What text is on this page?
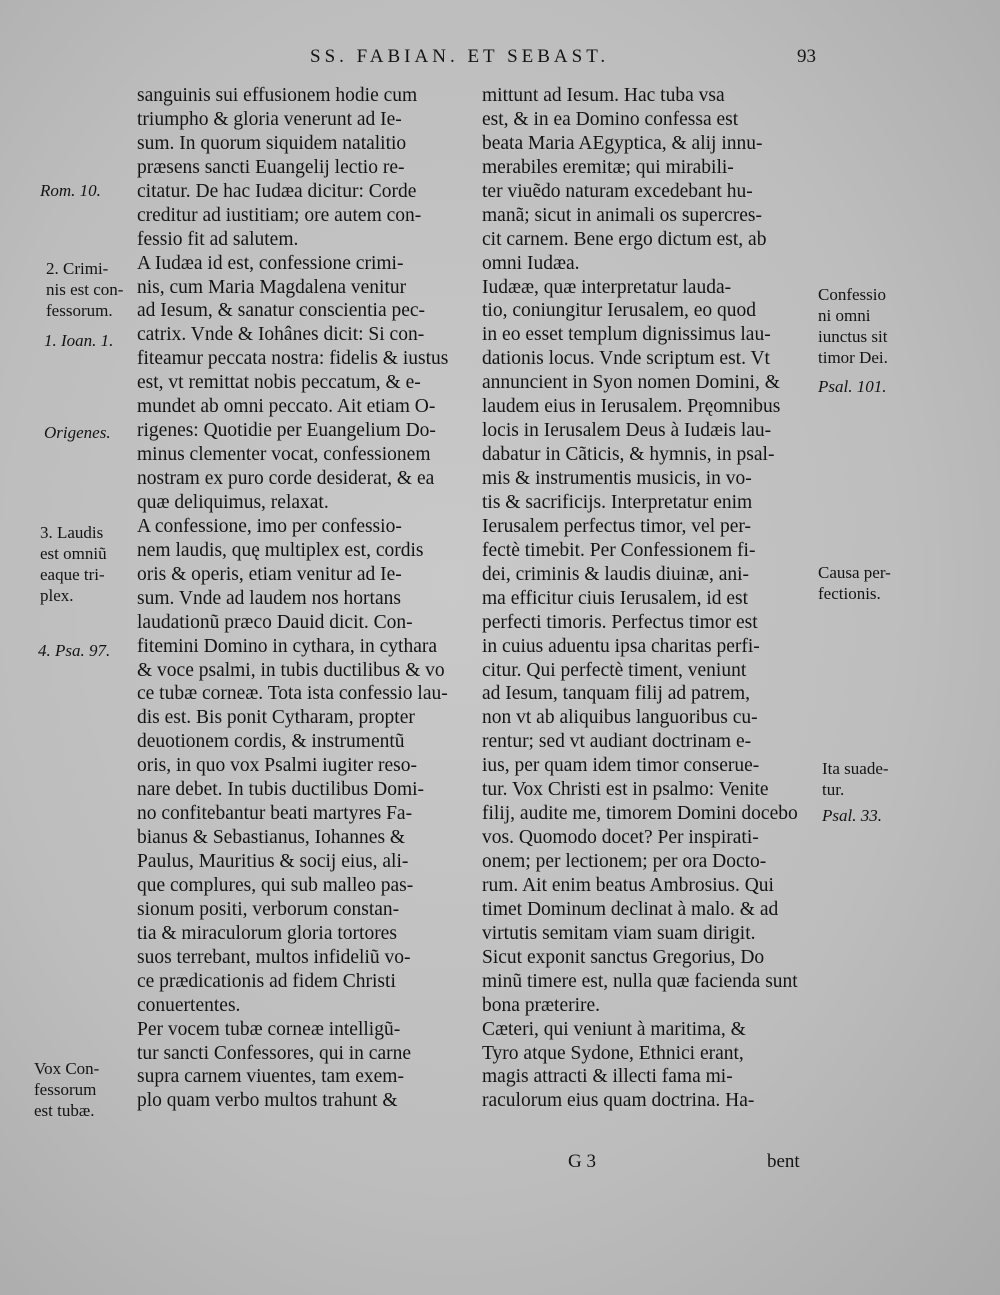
SS. FABIAN. ET SEBAST.	93
sanguinis sui effusionem hodie cum
triumpho & gloria venerunt ad Ie-
sum. In quorum siquidem natalitio
præsens sancti Euangelij lectio re-
citatur. De hac Iudæa dicitur: Corde
creditur ad iustitiam; ore autem con-
fessio fit ad salutem.
A Iudæa id est, confessione crimi-
nis, cum Maria Magdalena venitur
ad Iesum, & sanatur conscientia pec-
catrix. Vnde & Iohânes dicit: Si con-
fiteamur peccata nostra: fidelis & iustus
est, vt remittat nobis peccatum, & e-
mundet ab omni peccato. Ait etiam O-
rigenes: Quotidie per Euangelium Do-
minus clementer vocat, confessionem
nostram ex puro corde desiderat, & ea
quæ deliquimus, relaxat.
A confessione, imo per confessio-
nem laudis, quę multiplex est, cordis
oris & operis, etiam venitur ad Ie-
sum. Vnde ad laudem nos hortans
laudationũ præco Dauid dicit. Con-
fitemini Domino in cythara, in cythara
& voce psalmi, in tubis ductilibus & vo
ce tubæ corneæ. Tota ista confessio lau-
dis est. Bis ponit Cytharam, propter
deuotionem cordis, & instrumentũ
oris, in quo vox Psalmi iugiter reso-
nare debet. In tubis ductilibus Domi-
no confitebantur beati martyres Fa-
bianus & Sebastianus, Iohannes &
Paulus, Mauritius & socij eius, ali-
que complures, qui sub malleo pas-
sionum positi, verborum constan-
tia & miraculorum gloria tortores
suos terrebant, multos infideliũ vo-
ce prædicationis ad fidem Christi
conuertentes.
Per vocem tubæ corneæ intelligũ-
tur sancti Confessores, qui in carne
supra carnem viuentes, tam exem-
plo quam verbo multos trahunt &
mittunt ad Iesum. Hac tuba vsa
est, & in ea Domino confessa est
beata Maria AEgyptica, & alij innu-
merabiles eremitæ; qui mirabili-
ter viuẽdo naturam excedebant hu-
manã; sicut in animali os supercres-
cit carnem. Bene ergo dictum est, ab
omni Iudæa.
Iudææ, quæ interpretatur lauda-
tio, coniungitur Ierusalem, eo quod
in eo esset templum dignissimus lau-
dationis locus. Vnde scriptum est. Vt
annuncient in Syon nomen Domini, &
laudem eius in Ierusalem. Pręomnibus
locis in Ierusalem Deus à Iudæis lau-
dabatur in Cãticis, & hymnis, in psal-
mis & instrumentis musicis, in vo-
tis & sacrificijs. Interpretatur enim
Ierusalem perfectus timor, vel per-
fectè timebit. Per Confessionem fi-
dei, criminis & laudis diuinæ, ani-
ma efficitur ciuis Ierusalem, id est
perfecti timoris. Perfectus timor est
in cuius aduentu ipsa charitas perfi-
citur. Qui perfectè timent, veniunt
ad Iesum, tanquam filij ad patrem,
non vt ab aliquibus languoribus cu-
rentur; sed vt audiant doctrinam e-
ius, per quam idem timor conserue-
tur. Vox Christi est in psalmo: Venite
filij, audite me, timorem Domini docebo
vos. Quomodo docet? Per inspirati-
onem; per lectionem; per ora Docto-
rum. Ait enim beatus Ambrosius. Qui
timet Dominum declinat à malo. & ad
virtutis semitam viam suam dirigit.
Sicut exponit sanctus Gregorius, Do
minũ timere est, nulla quæ facienda sunt
bona præterire.
Cæteri, qui veniunt à maritima, &
Tyro atque Sydone, Ethnici erant,
magis attracti & illecti fama mi-
raculorum eius quam doctrina. Ha-
Rom. 10.
2. Crimi-
nis est con-
fessorum.
1. Ioan. 1.
Origenes.
3. Laudis
est omniũ
eaque tri-
plex.
4. Psa. 97.
Vox Con-
fessorum
est tubæ.
Confessio
ni omni
iunctus sit
timor Dei.
Psal. 101.
Causa per-
fectionis.
Ita suade-
tur.
Psal. 33.
G 3	bent
